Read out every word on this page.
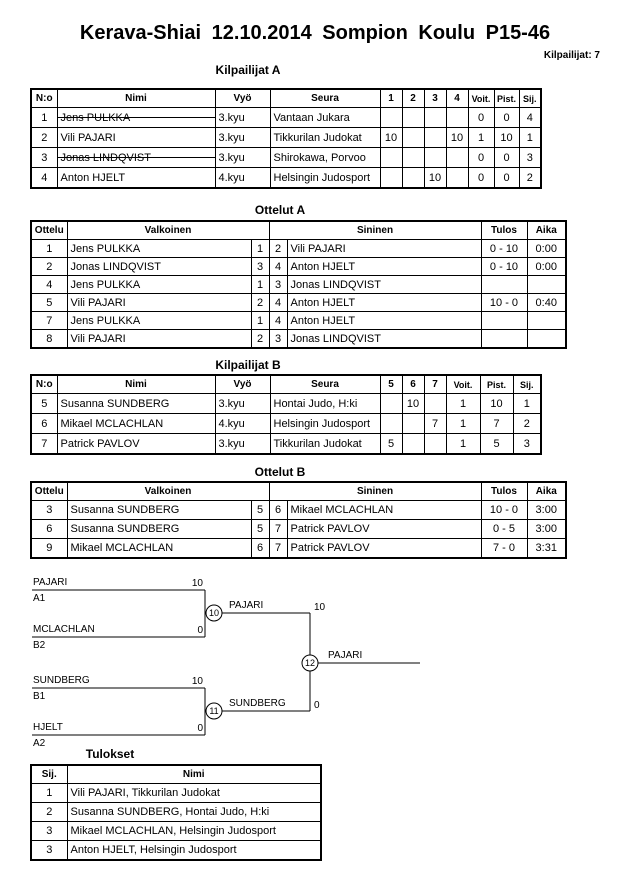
Kerava-Shiai 12.10.2014 Sompion Koulu P15-46
Kilpailijat: 7
Kilpailijat A
N:o	Nimi	Vyö	Seura	1	2	3	4	Voit.	Pist.	Sij.
1	Jens PULKKA	3.kyu	Vantaan Jukara					0	0	4
2	Vili PAJARI	3.kyu	Tikkurilan Judokat	10			10	1	10	1
3	Jonas LINDQVIST	3.kyu	Shirokawa, Porvoo					0	0	3
4	Anton HJELT	4.kyu	Helsingin Judosport			10		0	0	2
Ottelut A
Ottelu	Valkoinen		Sininen		Tulos	Aika
1	Jens PULKKA	1	2	Vili PAJARI	0 - 10	0:00
2	Jonas LINDQVIST	3	4	Anton HJELT	0 - 10	0:00
4	Jens PULKKA	1	3	Jonas LINDQVIST		
5	Vili PAJARI	2	4	Anton HJELT	10 - 0	0:40
7	Jens PULKKA	1	4	Anton HJELT		
8	Vili PAJARI	2	3	Jonas LINDQVIST		
Kilpailijat B
N:o	Nimi	Vyö	Seura	5	6	7	Voit.	Pist.	Sij.
5	Susanna SUNDBERG	3.kyu	Hontai Judo, H:ki		10		1	10	1
6	Mikael MCLACHLAN	4.kyu	Helsingin Judosport			7	1	7	2
7	Patrick PAVLOV	3.kyu	Tikkurilan Judokat	5			1	5	3
Ottelut B
Ottelu	Valkoinen		Sininen		Tulos	Aika
3	Susanna SUNDBERG	5	6	Mikael MCLACHLAN	10 - 0	3:00
6	Susanna SUNDBERG	5	7	Patrick PAVLOV	0 - 5	3:00
9	Mikael MCLACHLAN	6	7	Patrick PAVLOV	7 - 0	3:31
PAJARI
A1
10
MCLACHLAN
B2
0
10
PAJARI	10
12
PAJARI
SUNDBERG
B1
10
HJELT
A2
0
11
SUNDBERG	0
Tulokset
Sij.	Nimi
1	Vili PAJARI, Tikkurilan Judokat
2	Susanna SUNDBERG, Hontai Judo, H:ki
3	Mikael MCLACHLAN, Helsingin Judosport
3	Anton HJELT, Helsingin Judosport
